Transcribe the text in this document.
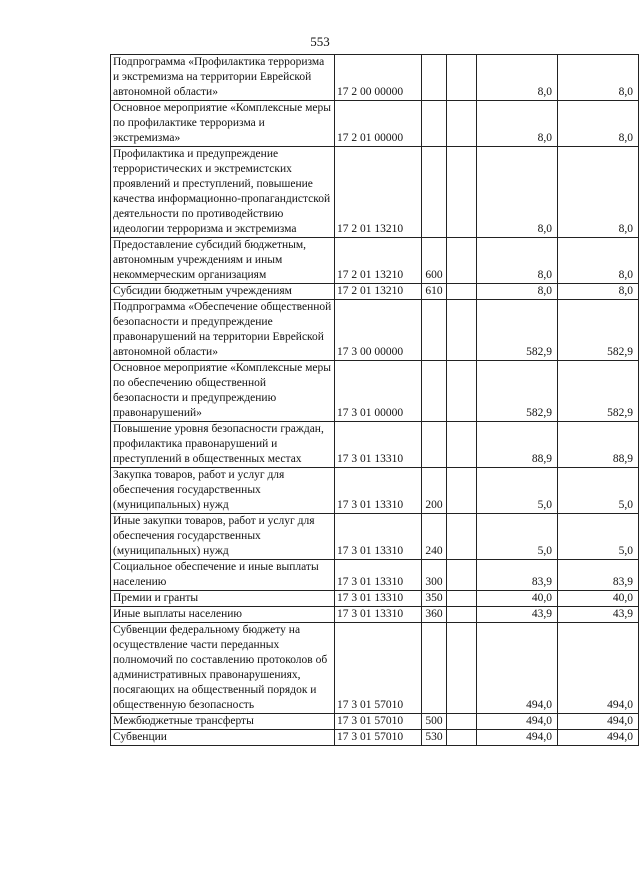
553
Подпрограмма «Профилактика терроризма и экстремизма на территории Еврейской автономной области»	17 2 00 00000			8,0	8,0
Основное мероприятие «Комплексные меры по профилактике терроризма и экстремизма»	17 2 01 00000			8,0	8,0
Профилактика и предупреждение террористических и экстремистских проявлений и преступлений, повышение качества информационно-пропагандистской деятельности по противодействию идеологии терроризма и экстремизма	17 2 01 13210			8,0	8,0
Предоставление субсидий бюджетным, автономным учреждениям и иным некоммерческим организациям	17 2 01 13210	600		8,0	8,0
Субсидии бюджетным учреждениям	17 2 01 13210	610		8,0	8,0
Подпрограмма «Обеспечение общественной безопасности и предупреждение правонарушений на территории Еврейской автономной области»	17 3 00 00000			582,9	582,9
Основное мероприятие «Комплексные меры по обеспечению общественной безопасности и предупреждению правонарушений»	17 3 01 00000			582,9	582,9
Повышение уровня безопасности граждан, профилактика правонарушений и преступлений в общественных местах	17 3 01 13310			88,9	88,9
Закупка товаров, работ и услуг для обеспечения государственных (муниципальных) нужд	17 3 01 13310	200		5,0	5,0
Иные закупки товаров, работ и услуг для обеспечения государственных (муниципальных) нужд	17 3 01 13310	240		5,0	5,0
Социальное обеспечение и иные выплаты населению	17 3 01 13310	300		83,9	83,9
Премии и гранты	17 3 01 13310	350		40,0	40,0
Иные выплаты населению	17 3 01 13310	360		43,9	43,9
Субвенции федеральному бюджету на осуществление части переданных полномочий по составлению протоколов об административных правонарушениях, посягающих на общественный порядок и общественную безопасность	17 3 01 57010			494,0	494,0
Межбюджетные трансферты	17 3 01 57010	500		494,0	494,0
Субвенции	17 3 01 57010	530		494,0	494,0
